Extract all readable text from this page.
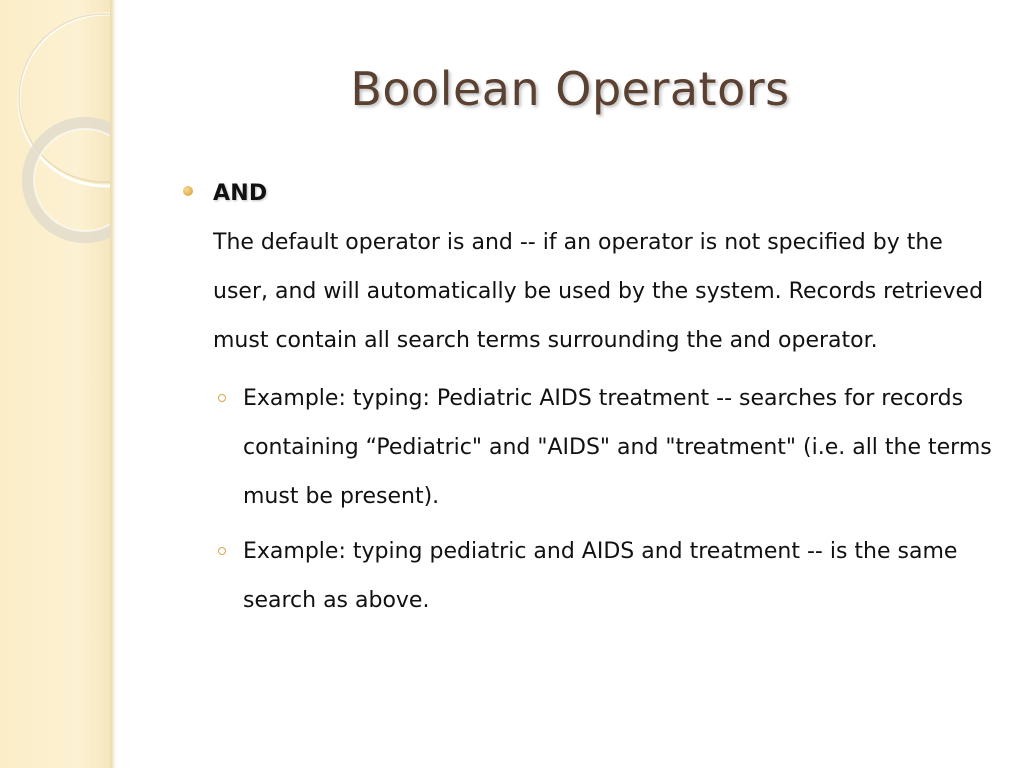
Boolean Operators
AND
The default operator is and -- if an operator is not specified by the user, and will automatically be used by the system. Records retrieved must contain all search terms surrounding the and operator.
Example: typing: Pediatric AIDS treatment -- searches for records containing “Pediatric" and "AIDS" and "treatment" (i.e. all the terms must be present).
Example: typing pediatric and AIDS and treatment -- is the same search as above.
